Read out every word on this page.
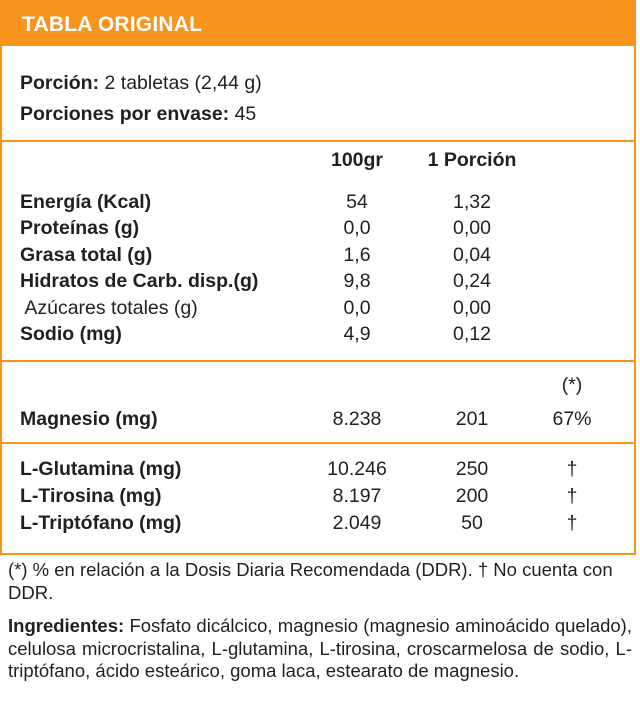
TABLA ORIGINAL
Porción: 2 tabletas (2,44 g)
Porciones por envase: 45
100gr	1 Porción
Energía (Kcal)	54	1,32
Proteínas (g)	0,0	0,00
Grasa total (g)	1,6	0,04
Hidratos de Carb. disp.(g)	9,8	0,24
Azúcares totales (g)	0,0	0,00
Sodio (mg)	4,9	0,12
(*)
Magnesio (mg)	8.238	201	67%
L-Glutamina (mg)	10.246	250	†
L-Tirosina (mg)	8.197	200	†
L-Triptófano (mg)	2.049	50	†
(*) % en relación a la Dosis Diaria Recomendada (DDR). † No cuenta con DDR.
Ingredientes: Fosfato dicálcico, magnesio (magnesio aminoácido quelado), celulosa microcristalina, L-glutamina, L-tirosina, croscarmelosa de sodio, L-triptófano, ácido esteárico, goma laca, estearato de magnesio.
